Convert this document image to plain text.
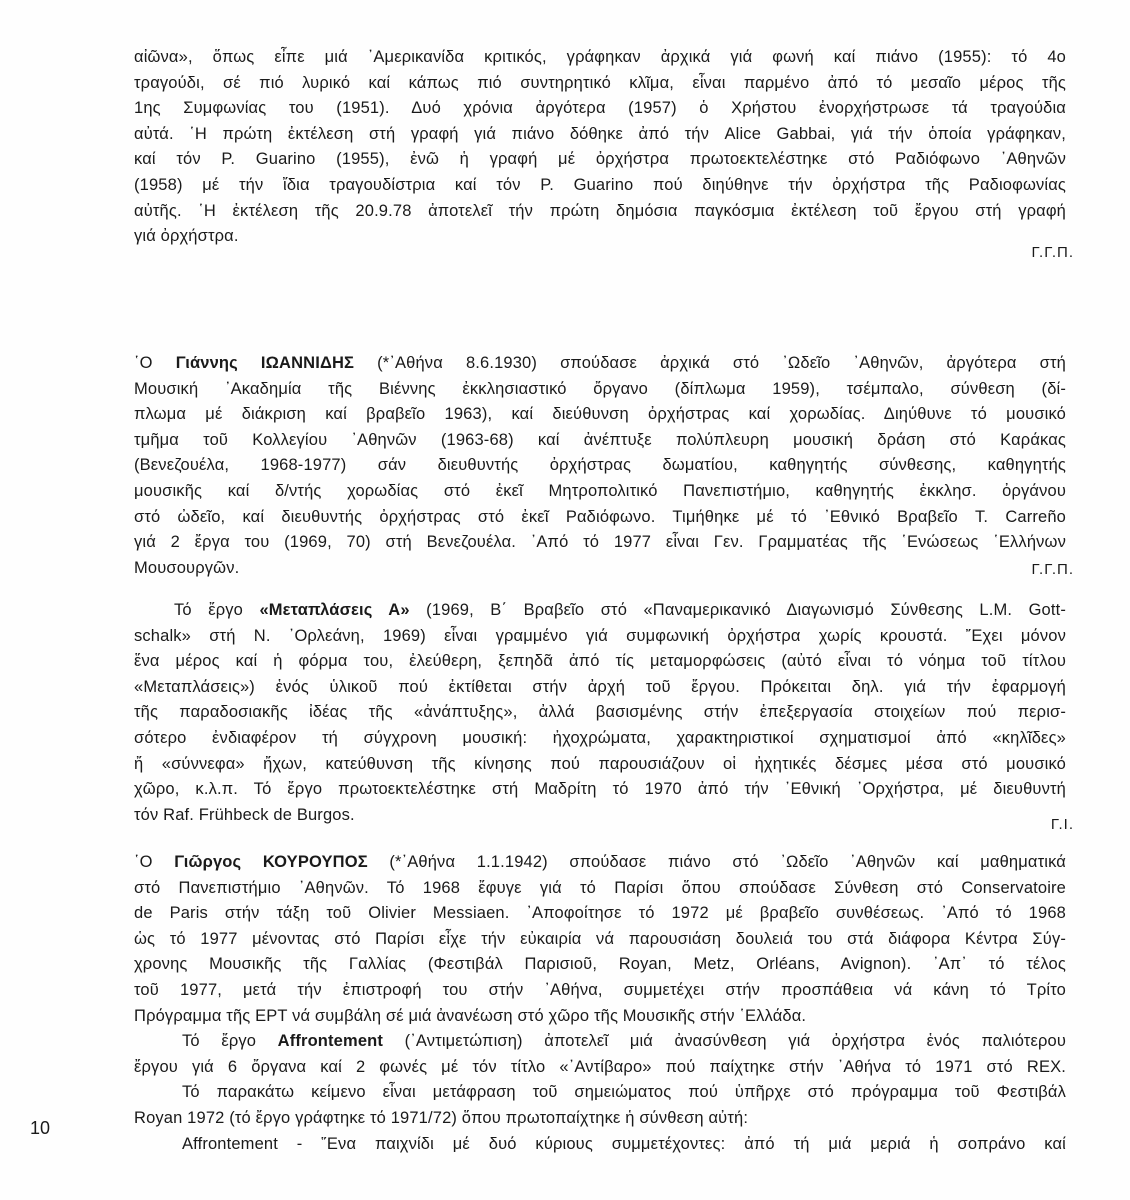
αἰῶνα», ὅπως εἶπε μιά ᾿Αμερικανίδα κριτικός, γράφηκαν ἀρχικά γιά φωνή καί πιάνο (1955): τό 4ο
τραγούδι, σέ πιό λυρικό καί κάπως πιό συντηρητικό κλῖμα, εἶναι παρμένο ἀπό τό μεσαῖο μέρος τῆς
1ης Συμφωνίας του (1951). Δυό χρόνια ἀργότερα (1957) ὁ Χρήστου ἐνορχήστρωσε τά τραγούδια
αὐτά. ῾Η πρώτη ἐκτέλεση στή γραφή γιά πιάνο δόθηκε ἀπό τήν Alice Gabbai, γιά τήν ὁποία γράφηκαν,
καί τόν P. Guarino (1955), ἐνῶ ἡ γραφή μέ ὀρχήστρα πρωτοεκτελέστηκε στό Ραδιόφωνο ᾿Αθηνῶν
(1958) μέ τήν ἴδια τραγουδίστρια καί τόν P. Guarino πού διηύθηνε τήν ὀρχήστρα τῆς Ραδιοφωνίας
αὐτῆς. ῾Η ἐκτέλεση τῆς 20.9.78 ἀποτελεῖ τήν πρώτη δημόσια παγκόσμια ἐκτέλεση τοῦ ἔργου στή γραφή
γιά ὀρχήστρα.
Γ.Γ.Π.
῾Ο Γιάννης ΙΩΑΝΝΙΔΗΣ (*᾿Αθήνα 8.6.1930) σπούδασε ἀρχικά στό ᾿Ωδεῖο ᾿Αθηνῶν, ἀργότερα στή
Μουσική ᾿Ακαδημία τῆς Βιέννης ἐκκλησιαστικό ὄργανο (δίπλωμα 1959), τσέμπαλο, σύνθεση (δί-
πλωμα μέ διάκριση καί βραβεῖο 1963), καί διεύθυνση ὀρχήστρας καί χορωδίας. Διηύθυνε τό μουσικό
τμῆμα τοῦ Κολλεγίου ᾿Αθηνῶν (1963-68) καί ἀνέπτυξε πολύπλευρη μουσική δράση στό Καράκας
(Βενεζουέλα, 1968-1977) σάν διευθυντής ὀρχήστρας δωματίου, καθηγητής σύνθεσης, καθηγητής
μουσικῆς καί δ/ντής χορωδίας στό ἐκεῖ Μητροπολιτικό Πανεπιστήμιο, καθηγητής ἐκκλησ. ὀργάνου
στό ὠδεῖο, καί διευθυντής ὀρχήστρας στό ἐκεῖ Ραδιόφωνο. Τιμήθηκε μέ τό ᾿Εθνικό Βραβεῖο T. Carreño
γιά 2 ἔργα του (1969, 70) στή Βενεζουέλα. ᾿Από τό 1977 εἶναι Γεν. Γραμματέας τῆς ῾Ενώσεως ῾Ελλήνων
Μουσουργῶν.	Γ.Γ.Π.
Τό ἔργο «Μεταπλάσεις Α» (1969, Β΄ Βραβεῖο στό «Παναμερικανικό Διαγωνισμό Σύνθεσης L.M. Gott-
schalk» στή Ν. ᾿Ορλεάνη, 1969) εἶναι γραμμένο γιά συμφωνική ὀρχήστρα χωρίς κρουστά. ῎Εχει μόνον
ἕνα μέρος καί ἡ φόρμα του, ἐλεύθερη, ξεπηδᾶ ἀπό τίς μεταμορφώσεις (αὐτό εἶναι τό νόημα τοῦ τίτλου
«Μεταπλάσεις») ἑνός ὑλικοῦ πού ἐκτίθεται στήν ἀρχή τοῦ ἔργου. Πρόκειται δηλ. γιά τήν ἐφαρμογή
τῆς παραδοσιακῆς ἰδέας τῆς «ἀνάπτυξης», ἀλλά βασισμένης στήν ἐπεξεργασία στοιχείων πού περισ-
σότερο ἐνδιαφέρον τή σύγχρονη μουσική: ἠχοχρώματα, χαρακτηριστικοί σχηματισμοί ἀπό «κηλῖδες»
ἤ «σύννεφα» ἤχων, κατεύθυνση τῆς κίνησης πού παρουσιάζουν οἱ ἠχητικές δέσμες μέσα στό μουσικό
χῶρο, κ.λ.π. Τό ἔργο πρωτοεκτελέστηκε στή Μαδρίτη τό 1970 ἀπό τήν ᾿Εθνική ᾿Ορχήστρα, μέ διευθυντή
τόν Raf. Frühbeck de Burgos.
Γ.Ι.
῾Ο Γιῶργος ΚΟΥΡΟΥΠΟΣ (*᾿Αθήνα 1.1.1942) σπούδασε πιάνο στό ᾿Ωδεῖο ᾿Αθηνῶν καί μαθηματικά
στό Πανεπιστήμιο ᾿Αθηνῶν. Τό 1968 ἔφυγε γιά τό Παρίσι ὅπου σπούδασε Σύνθεση στό Conservatoire
de Paris στήν τάξη τοῦ Olivier Messiaen. ᾿Αποφοίτησε τό 1972 μέ βραβεῖο συνθέσεως. ᾿Από τό 1968
ὡς τό 1977 μένοντας στό Παρίσι εἶχε τήν εὐκαιρία νά παρουσιάση δουλειά του στά διάφορα Κέντρα Σύγ-
χρονης Μουσικῆς τῆς Γαλλίας (Φεστιβάλ Παρισιοῦ, Royan, Metz, Orléans, Avignon). ᾿Απ᾿ τό τέλος
τοῦ 1977, μετά τήν ἐπιστροφή του στήν ᾿Αθήνα, συμμετέχει στήν προσπάθεια νά κάνη τό Τρίτο
Πρόγραμμα τῆς ΕΡΤ νά συμβάλη σέ μιά ἀνανέωση στό χῶρο τῆς Μουσικῆς στήν ῾Ελλάδα.
Τό ἔργο Affrontement (᾿Αντιμετώπιση) ἀποτελεῖ μιά ἀνασύνθεση γιά ὀρχήστρα ἑνός παλιότερου
ἔργου γιά 6 ὄργανα καί 2 φωνές μέ τόν τίτλο «᾿Αντίβαρο» πού παίχτηκε στήν ᾿Αθήνα τό 1971 στό REX.
Τό παρακάτω κείμενο εἶναι μετάφραση τοῦ σημειώματος πού ὑπῆρχε στό πρόγραμμα τοῦ Φεστιβάλ
Royan 1972 (τό ἔργο γράφτηκε τό 1971/72) ὅπου πρωτοπαίχτηκε ἡ σύνθεση αὐτή:
Affrontement - ῞Ενα παιχνίδι μέ δυό κύριους συμμετέχοντες: ἀπό τή μιά μεριά ἡ σοπράνο καί
10
